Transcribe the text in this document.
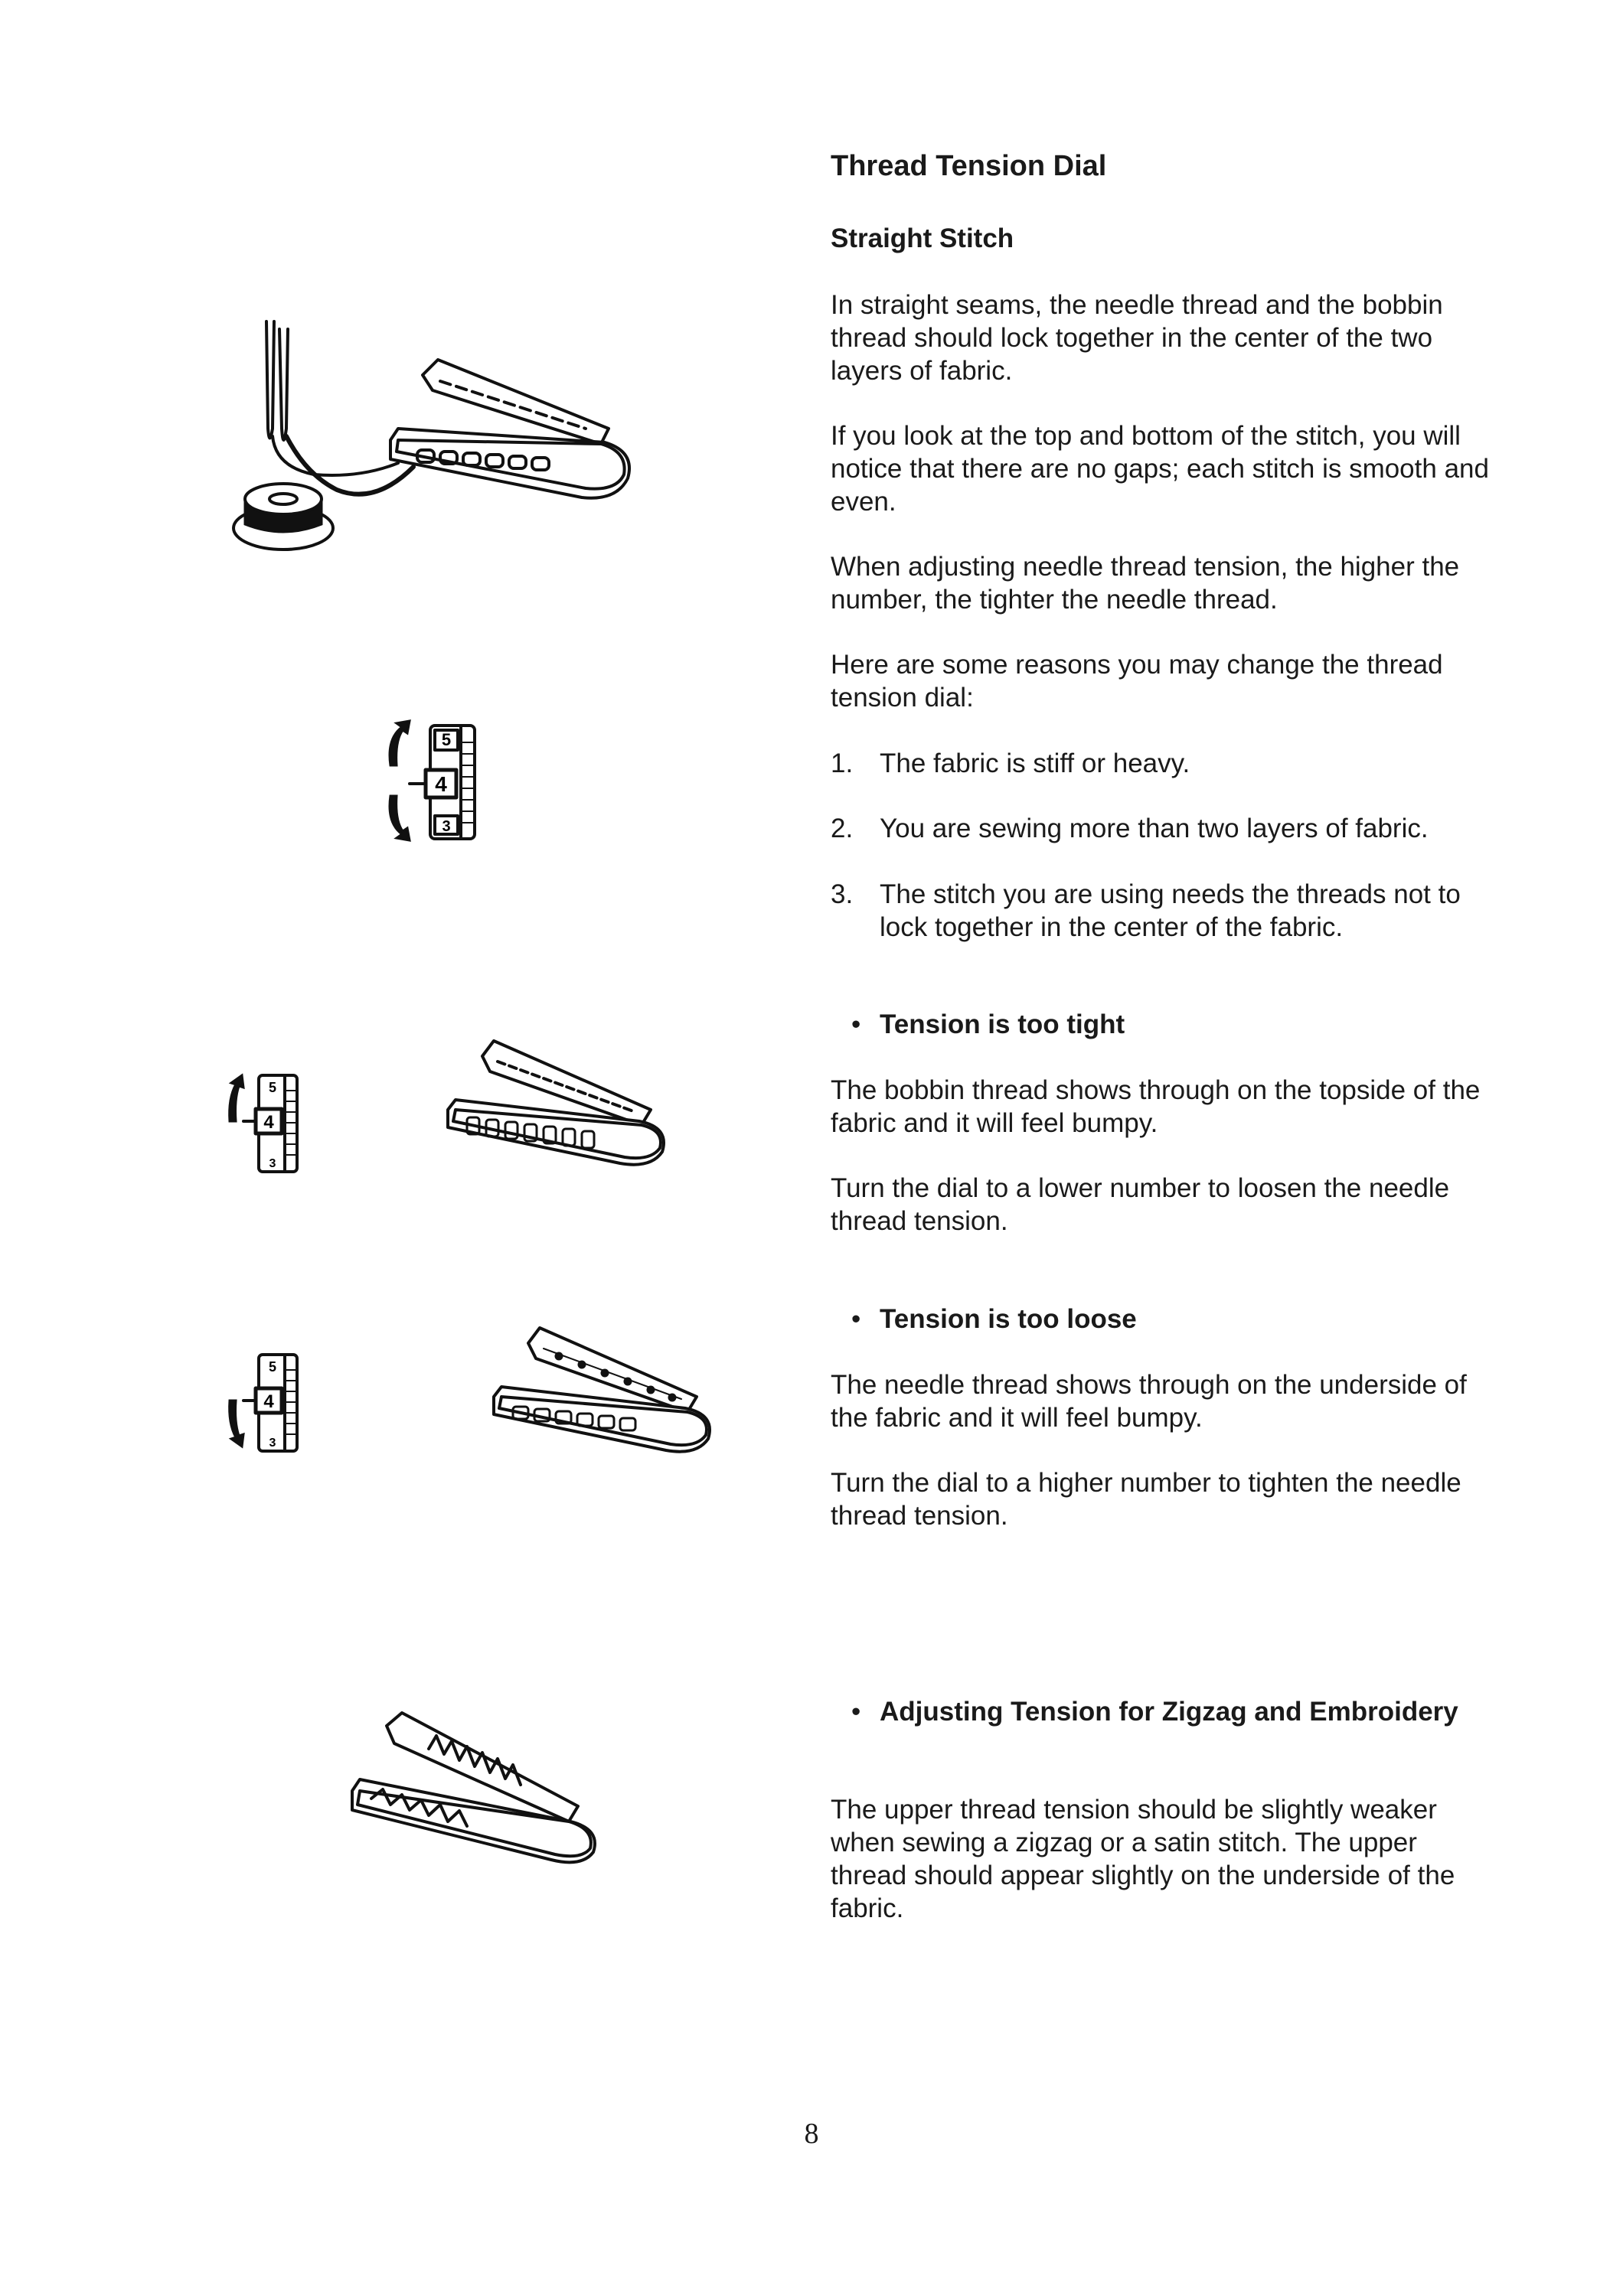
Thread Tension Dial
Straight Stitch

In straight seams, the needle thread and the bobbin thread should lock together in the center of the two layers of fabric.

If you look at the top and bottom of the stitch, you will notice that there are no gaps; each stitch is smooth and even.

When adjusting needle thread tension, the higher the number, the tighter the needle thread.

Here are some reasons you may change the thread tension dial:

1. The fabric is stiff or heavy.
2. You are sewing more than two layers of fabric.
3. The stitch you are using needs the threads not to lock together in the center of the fabric.
• Tension is too tight

The bobbin thread shows through on the topside of the fabric and it will feel bumpy.

Turn the dial to a lower number to loosen the needle thread tension.

• Tension is too loose

The needle thread shows through on the underside of the fabric and it will feel bumpy.

Turn the dial to a higher number to tighten the needle thread tension.

• Adjusting Tension for Zigzag and Embroidery

The upper thread tension should be slightly weaker when sewing a zigzag or a satin stitch. The upper thread should appear slightly on the underside of the fabric.

8
5
4
3
5
4
3
5
4
3
